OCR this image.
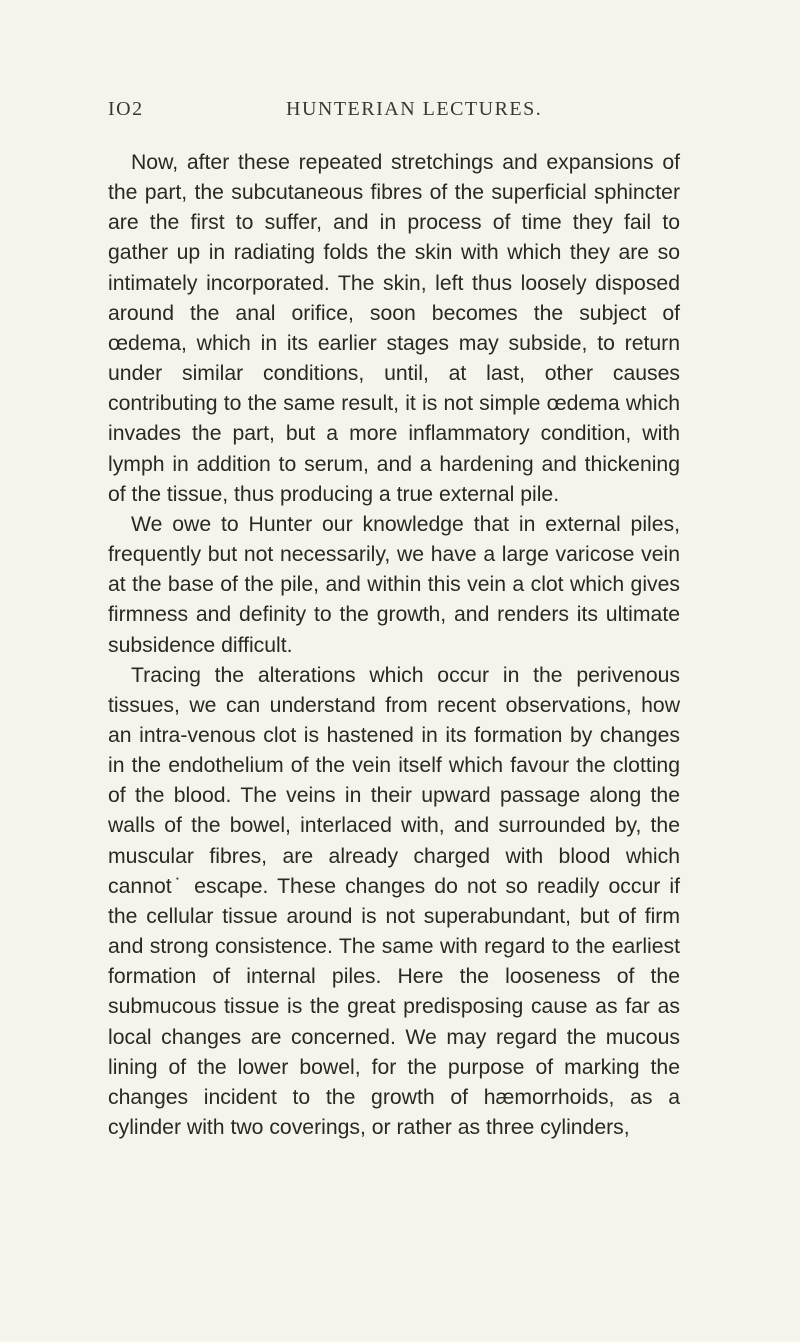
IO2	HUNTERIAN LECTURES.

Now, after these repeated stretchings and expansions of the part, the subcutaneous fibres of the superficial sphincter are the first to suffer, and in process of time they fail to gather up in radiating folds the skin with which they are so intimately incorporated. The skin, left thus loosely disposed around the anal orifice, soon becomes the subject of œdema, which in its earlier stages may subside, to return under similar conditions, until, at last, other causes contributing to the same result, it is not simple œdema which invades the part, but a more inflammatory condition, with lymph in addition to serum, and a hardening and thickening of the tissue, thus producing a true external pile.

We owe to Hunter our knowledge that in external piles, frequently but not necessarily, we have a large varicose vein at the base of the pile, and within this vein a clot which gives firmness and definity to the growth, and renders its ultimate subsidence difficult.

Tracing the alterations which occur in the perivenous tissues, we can understand from recent observations, how an intra-venous clot is hastened in its formation by changes in the endothelium of the vein itself which favour the clotting of the blood. The veins in their upward passage along the walls of the bowel, interlaced with, and surrounded by, the muscular fibres, are already charged with blood which cannot˙ escape. These changes do not so readily occur if the cellular tissue around is not superabundant, but of firm and strong consistence. The same with regard to the earliest formation of internal piles. Here the looseness of the submucous tissue is the great predisposing cause as far as local changes are concerned. We may regard the mucous lining of the lower bowel, for the purpose of marking the changes incident to the growth of hæmorrhoids, as a cylinder with two coverings, or rather as three cylinders,
